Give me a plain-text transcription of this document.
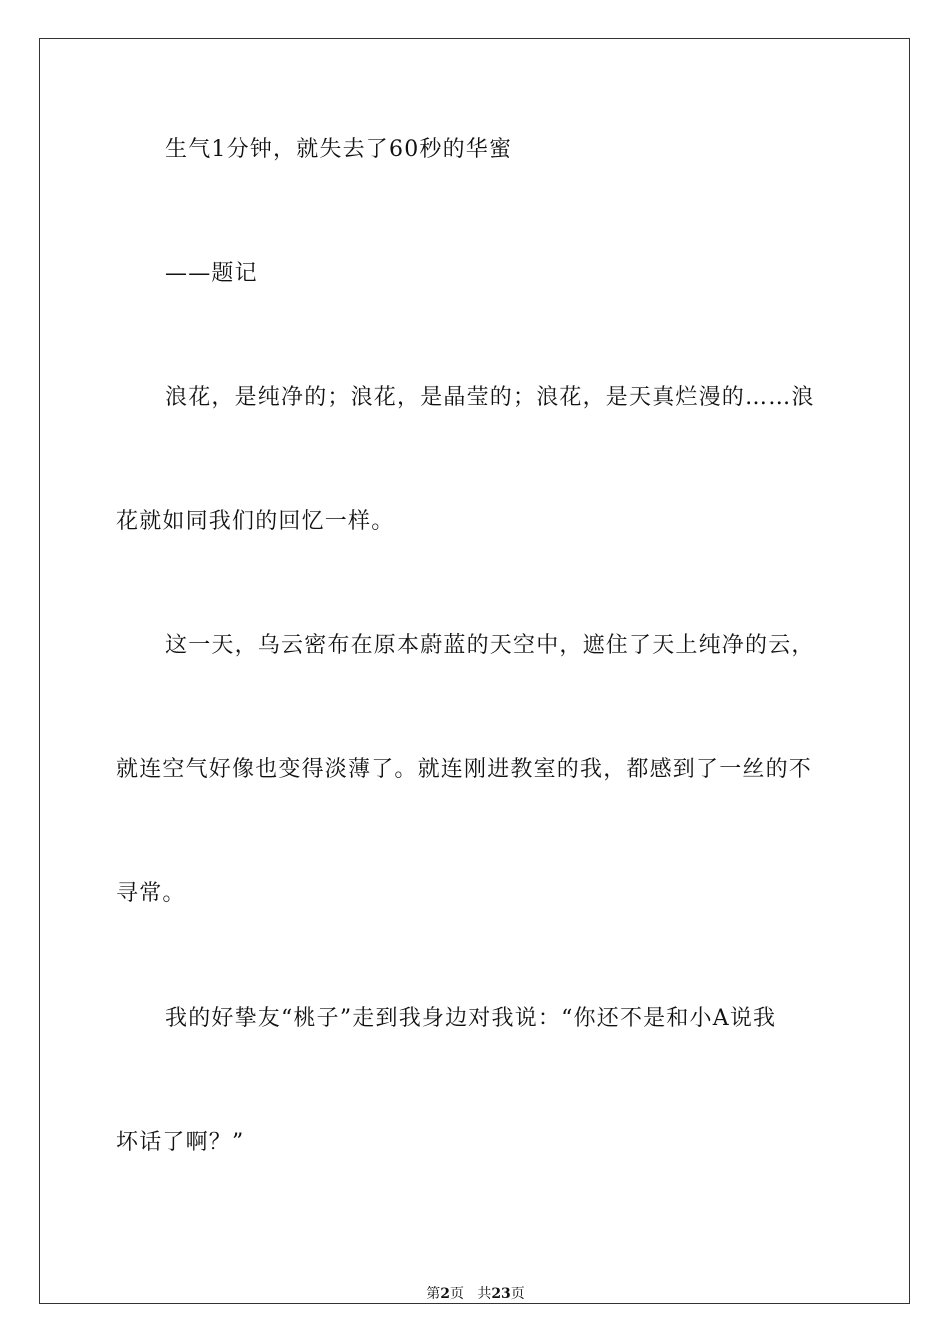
生气1分钟，就失去了60秒的华蜜
——题记
浪花，是纯净的；浪花，是晶莹的；浪花，是天真烂漫的……浪
花就如同我们的回忆一样。
这一天，乌云密布在原本蔚蓝的天空中，遮住了天上纯净的云，
就连空气好像也变得淡薄了。就连刚进教室的我，都感到了一丝的不
寻常。
我的好挚友“桃子”走到我身边对我说：“你还不是和小A说我
坏话了啊？”
第2页 共23页
